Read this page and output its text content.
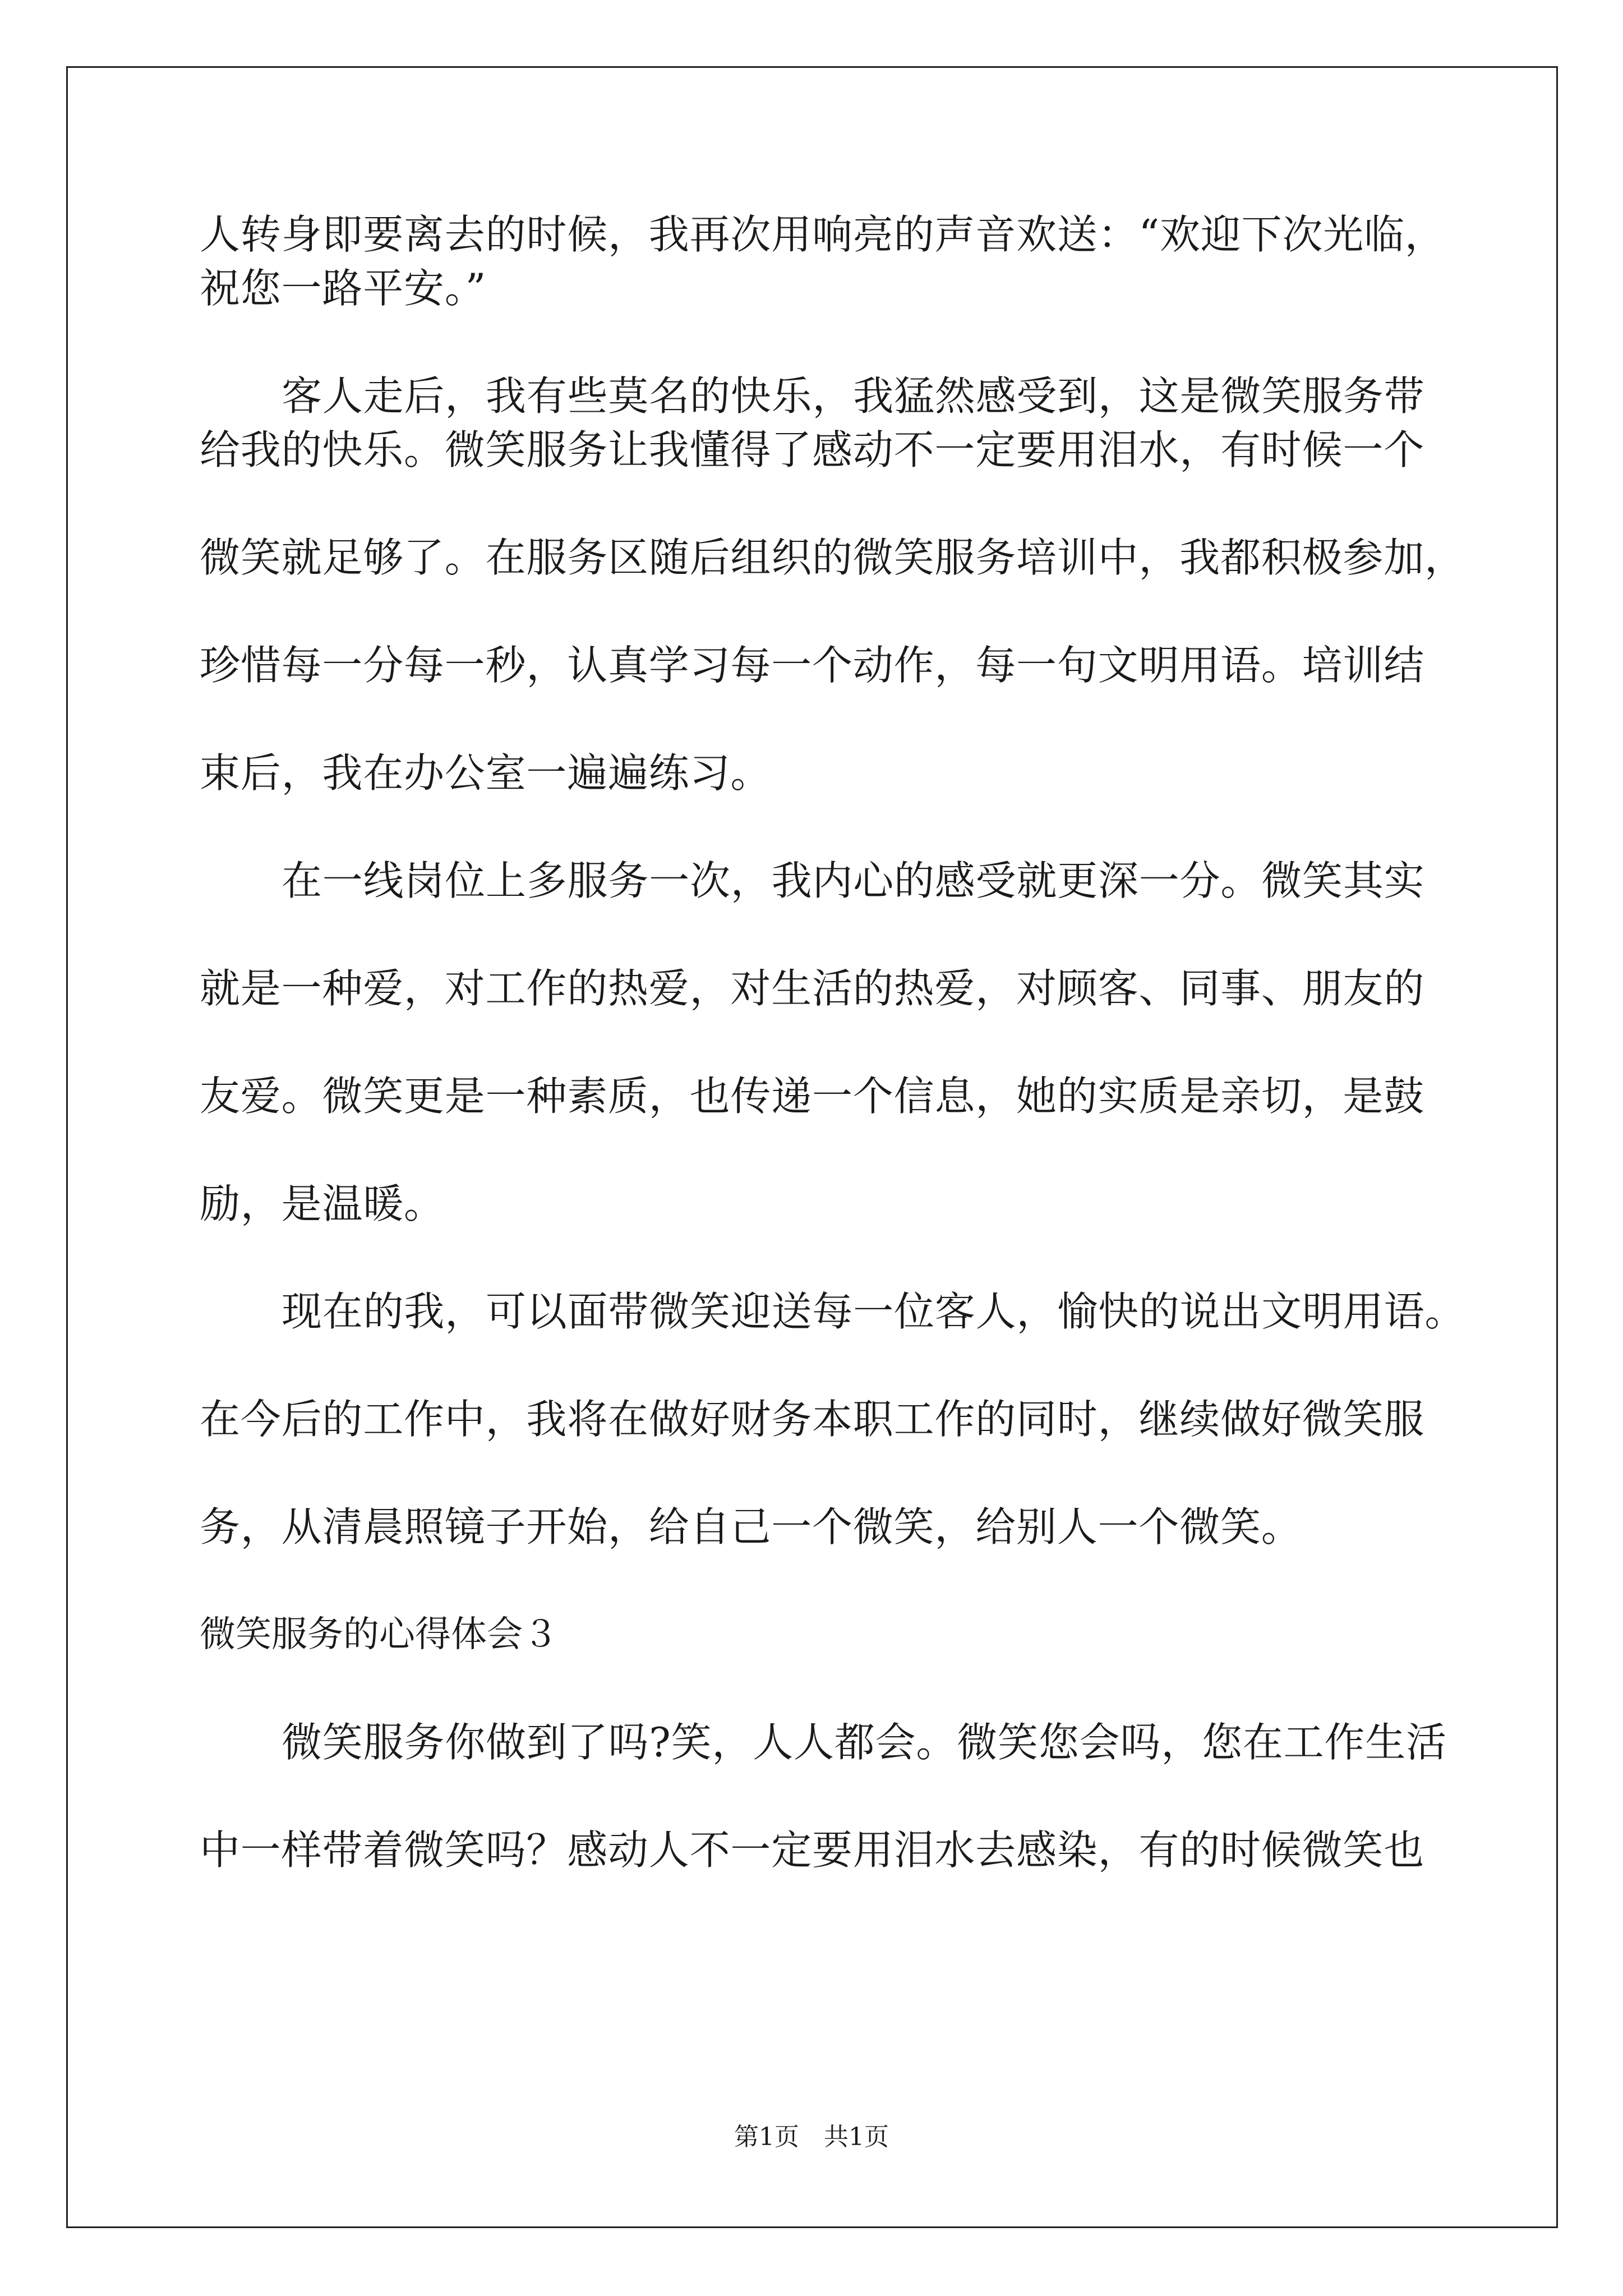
人转身即要离去的时候，我再次用响亮的声音欢送：“欢迎下次光临，
祝您一路平安。”
客人走后，我有些莫名的快乐，我猛然感受到，这是微笑服务带
给我的快乐。微笑服务让我懂得了感动不一定要用泪水，有时候一个
微笑就足够了。在服务区随后组织的微笑服务培训中，我都积极参加，
珍惜每一分每一秒，认真学习每一个动作，每一句文明用语。培训结
束后，我在办公室一遍遍练习。
在一线岗位上多服务一次，我内心的感受就更深一分。微笑其实
就是一种爱，对工作的热爱，对生活的热爱，对顾客、同事、朋友的
友爱。微笑更是一种素质，也传递一个信息，她的实质是亲切，是鼓
励，是温暖。
现在的我，可以面带微笑迎送每一位客人，愉快的说出文明用语。
在今后的工作中，我将在做好财务本职工作的同时，继续做好微笑服
务，从清晨照镜子开始，给自己一个微笑，给别人一个微笑。
微笑服务的心得体会３
微笑服务你做到了吗?笑，人人都会。微笑您会吗，您在工作生活
中一样带着微笑吗？感动人不一定要用泪水去感染，有的时候微笑也
第1页　共1页
